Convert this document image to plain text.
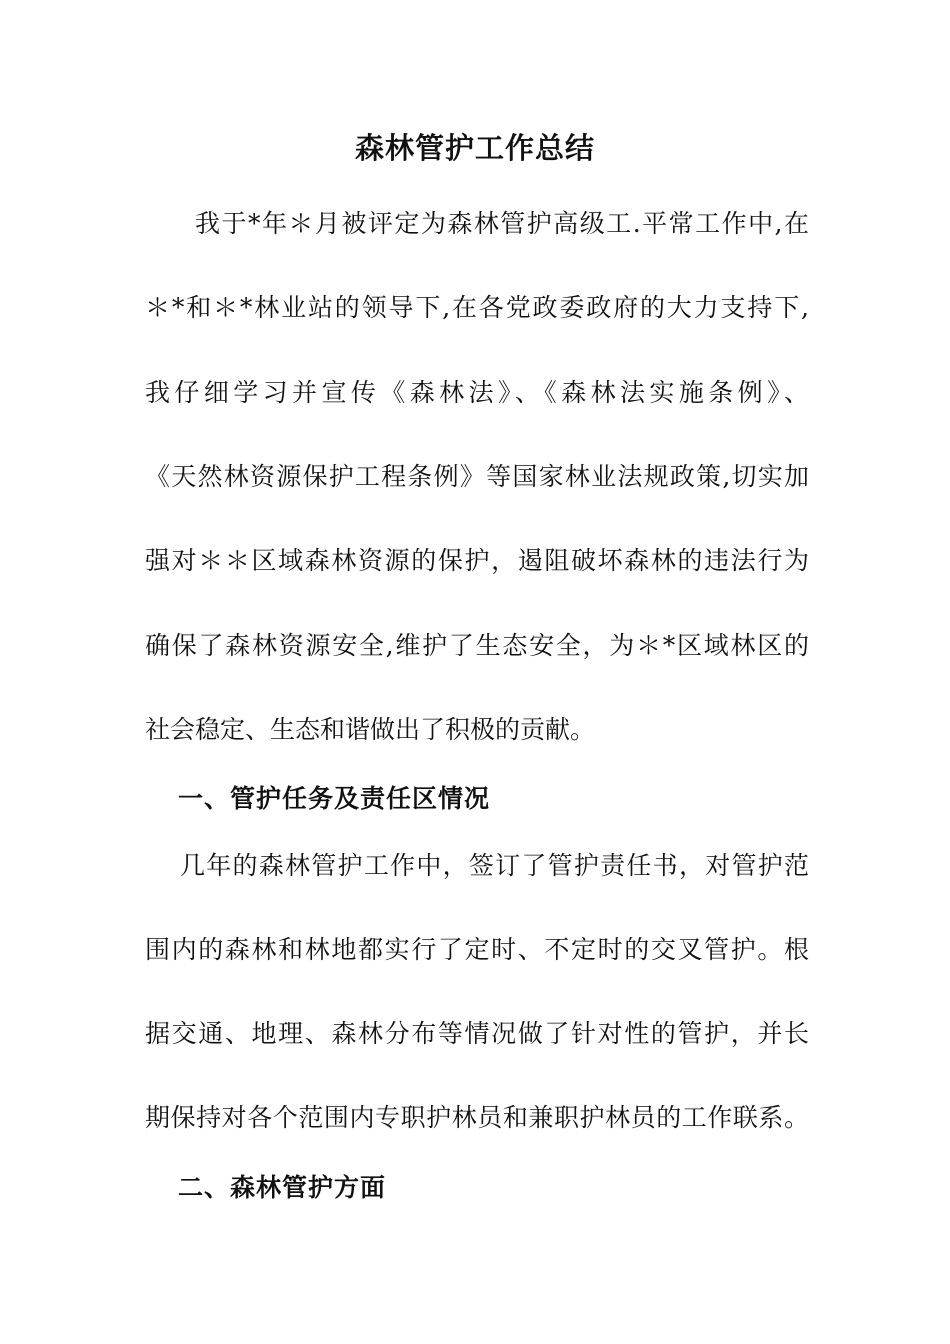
森林管护工作总结
我于*年＊月被评定为森林管护高级工.平常工作中,在
＊*和＊*林业站的领导下,在各党政委政府的大力支持下,
我仔细学习并宣传《森林法》、《森林法实施条例》、
《天然林资源保护工程条例》等国家林业法规政策,切实加
强对＊＊区域森林资源的保护，遏阻破坏森林的违法行为
确保了森林资源安全,维护了生态安全，为＊*区域林区的
社会稳定、生态和谐做出了积极的贡献。
一、管护任务及责任区情况
几年的森林管护工作中，签订了管护责任书，对管护范
围内的森林和林地都实行了定时、不定时的交叉管护。根
据交通、地理、森林分布等情况做了针对性的管护，并长
期保持对各个范围内专职护林员和兼职护林员的工作联系。
二、森林管护方面
